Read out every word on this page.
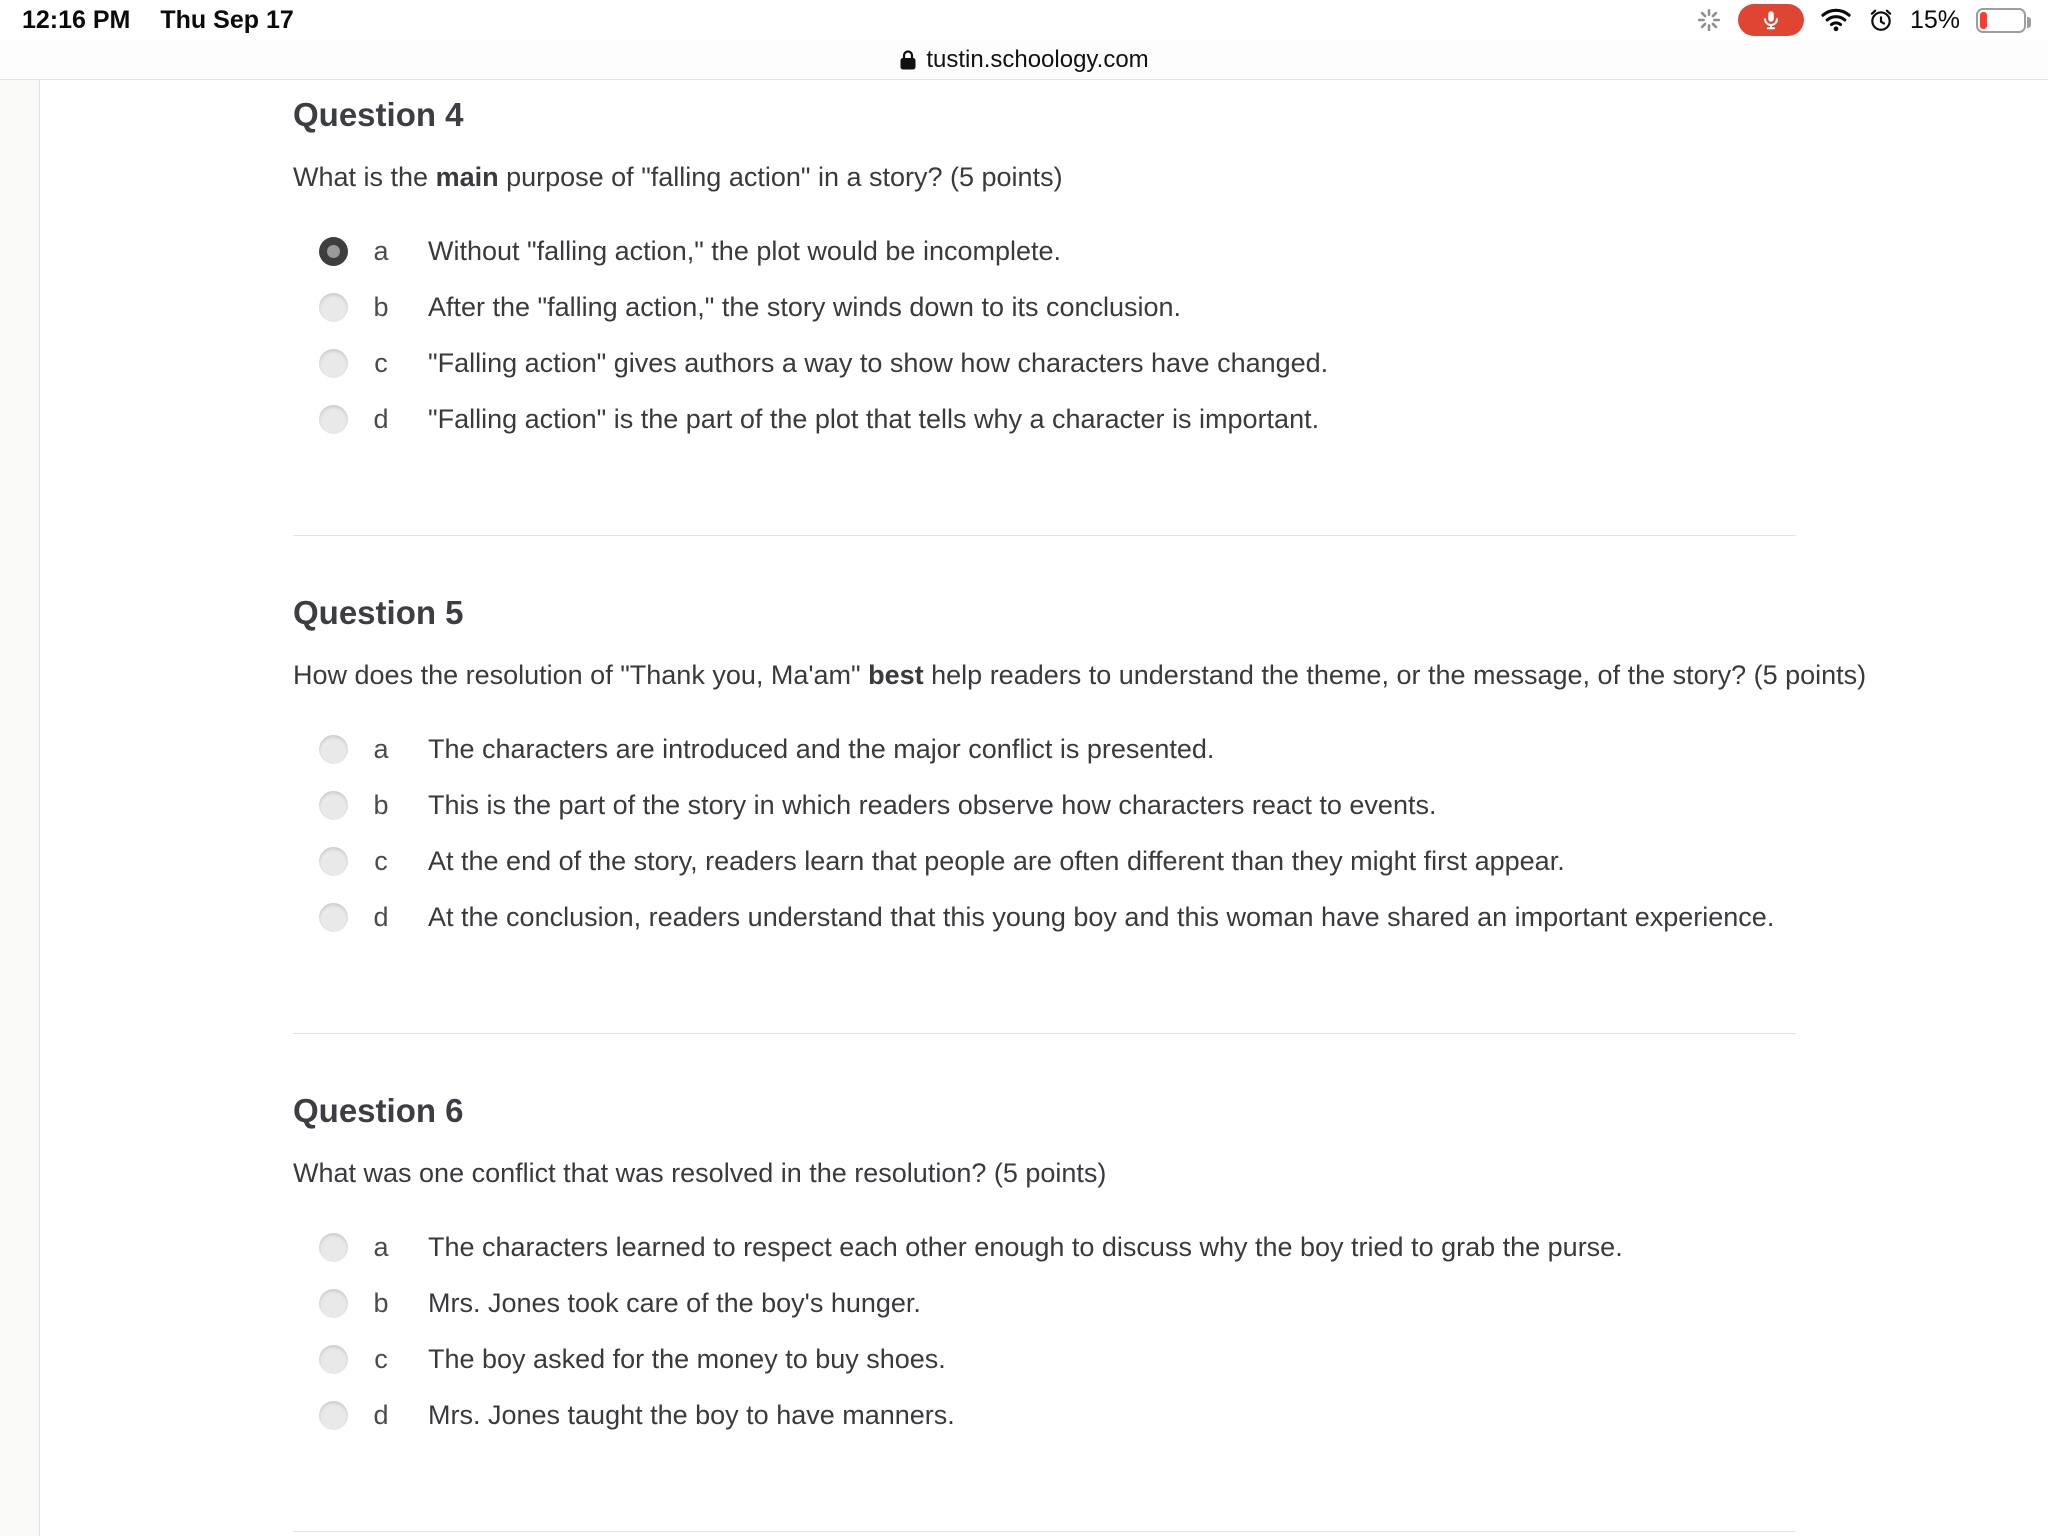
12:16 PM Thu Sep 17	15%
tustin.schoology.com
Question 4

What is the main purpose of "falling action" in a story? (5 points)

a	Without "falling action," the plot would be incomplete.
b	After the "falling action," the story winds down to its conclusion.
c	"Falling action" gives authors a way to show how characters have changed.
d	"Falling action" is the part of the plot that tells why a character is important.
Question 5

How does the resolution of "Thank you, Ma'am" best help readers to understand the theme, or the message, of the story? (5 points)

a	The characters are introduced and the major conflict is presented.
b	This is the part of the story in which readers observe how characters react to events.
c	At the end of the story, readers learn that people are often different than they might first appear.
d	At the conclusion, readers understand that this young boy and this woman have shared an important experience.
Question 6

What was one conflict that was resolved in the resolution? (5 points)

a	The characters learned to respect each other enough to discuss why the boy tried to grab the purse.
b	Mrs. Jones took care of the boy's hunger.
c	The boy asked for the money to buy shoes.
d	Mrs. Jones taught the boy to have manners.
